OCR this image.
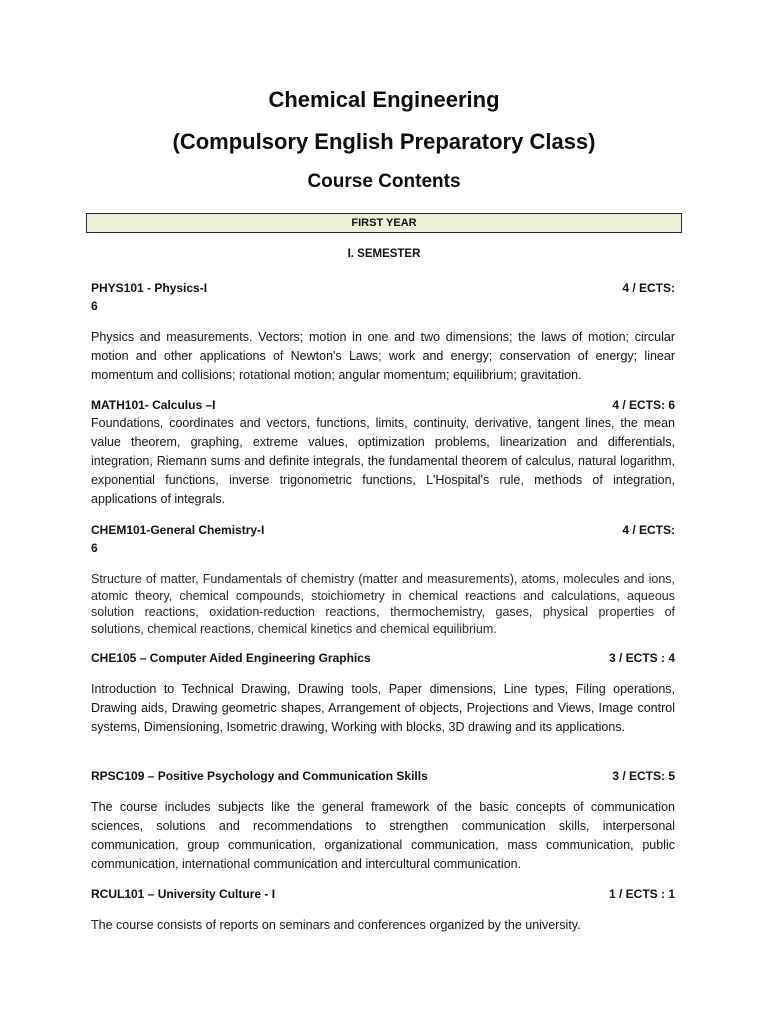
Chemical Engineering
(Compulsory English Preparatory Class)
Course Contents
FIRST YEAR
I. SEMESTER
PHYS101 - Physics-I	4 / ECTS:
6
Physics and measurements. Vectors; motion in one and two dimensions; the laws of motion; circular motion and other applications of Newton's Laws; work and energy; conservation of energy; linear momentum and collisions; rotational motion; angular momentum; equilibrium; gravitation.
MATH101- Calculus –I	4 / ECTS: 6
Foundations, coordinates and vectors, functions, limits, continuity, derivative, tangent lines, the mean value theorem, graphing, extreme values, optimization problems, linearization and differentials, integration, Riemann sums and definite integrals, the fundamental theorem of calculus, natural logarithm, exponential functions, inverse trigonometric functions, L'Hospital's rule, methods of integration, applications of integrals.
CHEM101-General Chemistry-I	4 / ECTS:
6
Structure of matter, Fundamentals of chemistry (matter and measurements), atoms, molecules and ions, atomic theory, chemical compounds, stoichiometry in chemical reactions and calculations, aqueous solution reactions, oxidation-reduction reactions, thermochemistry, gases, physical properties of solutions, chemical reactions, chemical kinetics and chemical equilibrium.
CHE105 – Computer Aided Engineering Graphics	3 / ECTS : 4
Introduction to Technical Drawing, Drawing tools, Paper dimensions, Line types, Filing operations, Drawing aids, Drawing geometric shapes, Arrangement of objects, Projections and Views, Image control systems, Dimensioning, Isometric drawing, Working with blocks, 3D drawing and its applications.
RPSC109 – Positive Psychology and Communication Skills	3 / ECTS: 5
The course includes subjects like the general framework of the basic concepts of communication sciences, solutions and recommendations to strengthen communication skills, interpersonal communication, group communication, organizational communication, mass communication, public communication, international communication and intercultural communication.
RCUL101 – University Culture - I	1 / ECTS : 1
The course consists of reports on seminars and conferences organized by the university.
